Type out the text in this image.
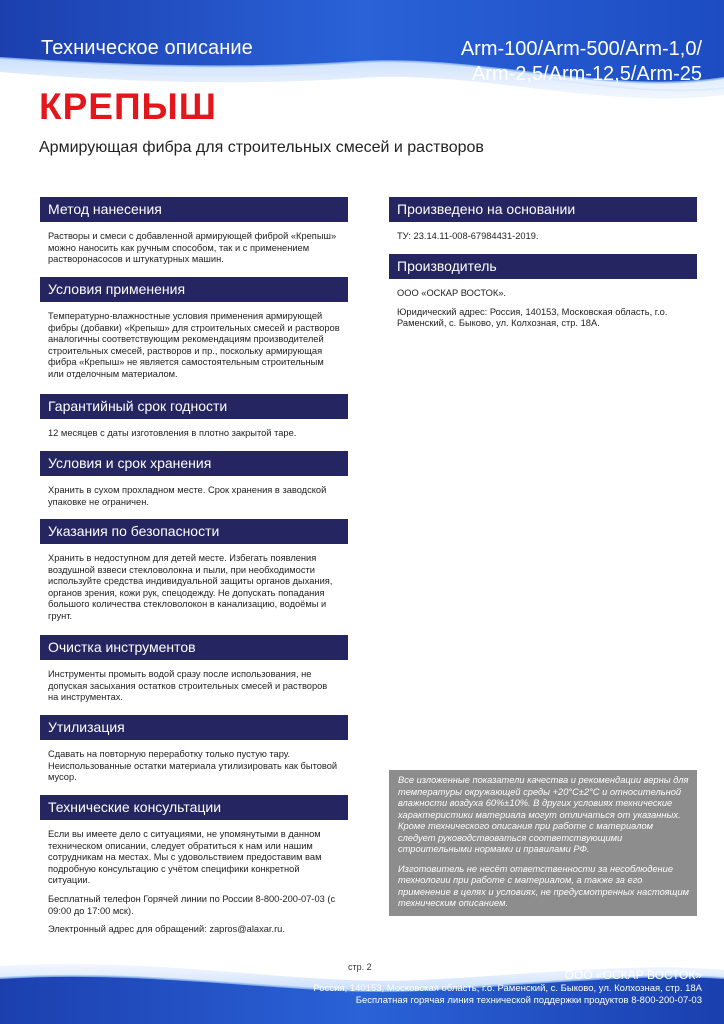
Техническое описание	Arm-100/Arm-500/Arm-1,0/
Arm-2,5/Arm-12,5/Arm-25
КРЕПЫШ
Армирующая фибра для строительных смесей и растворов
Метод нанесения

Растворы и смеси с добавленной армирующей фиброй «Крепыш» можно наносить как ручным способом, так и с применением растворонасосов и штукатурных машин.

Условия применения

Температурно-влажностные условия применения армирующей фибры (добавки) «Крепыш» для строительных смесей и растворов аналогичны соответствующим рекомендациям производителей строительных смесей, растворов и пр., поскольку армирующая фибра «Крепыш» не является самостоятельным строительным или отделочным материалом.

Гарантийный срок годности

12 месяцев с даты изготовления в плотно закрытой таре.

Условия и срок хранения

Хранить в сухом прохладном месте. Срок хранения в заводской упаковке не ограничен.

Указания по безопасности

Хранить в недоступном для детей месте. Избегать появления воздушной взвеси стекловолокна и пыли, при необходимости используйте средства индивидуальной защиты органов дыхания, органов зрения, кожи рук, спецодежду. Не допускать попадания большого количества стекловолокон в канализацию, водоёмы и грунт.

Очистка инструментов

Инструменты промыть водой сразу после использования, не допуская засыхания остатков строительных смесей и растворов на инструментах.

Утилизация

Сдавать на повторную переработку только пустую тару. Неиспользованные остатки материала утилизировать как бытовой мусор.

Технические консультации

Если вы имеете дело с ситуациями, не упомянутыми в данном техническом описании, следует обратиться к нам или нашим сотрудникам на местах. Мы с удовольствием предоставим вам подробную консультацию с учётом специфики конкретной ситуации.

Бесплатный телефон Горячей линии по России 8-800-200-07-03 (с 09:00 до 17:00 мск).

Электронный адрес для обращений: zapros@alaxar.ru.

Произведено на основании

ТУ: 23.14.11-008-67984431-2019.

Производитель

ООО «ОСКАР ВОСТОК».

Юридический адрес: Россия, 140153, Московская область, г.о. Раменский, с. Быково, ул. Колхозная, стр. 18А.

Все изложенные показатели качества и рекомендации верны для температуры окружающей среды +20°C±2°C и относительной влажности воздуха 60%±10%. В других условиях технические характеристики материала могут отличаться от указанных. Кроме технического описания при работе с материалом следует руководствоваться соответствующими строительными нормами и правилами РФ.

Изготовитель не несёт ответственности за несоблюдение технологии при работе с материалом, а также за его применение в целях и условиях, не предусмотренных настоящим техническим описанием.

стр. 2
ООО «ОСКАР ВОСТОК»
Россия, 140153, Московская область, г.о. Раменский, с. Быково, ул. Колхозная, стр. 18А
Бесплатная горячая линия технической поддержки продуктов 8-800-200-07-03
